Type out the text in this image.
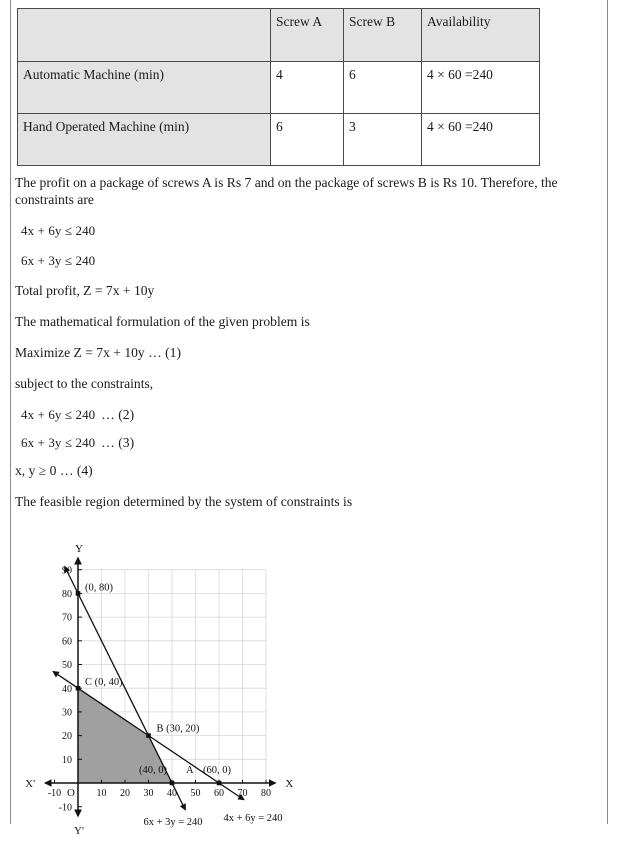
	Screw A	Screw B	Availability
Automatic Machine (min)	4	6	4 × 60 =240
Hand Operated Machine (min)	6	3	4 × 60 =240

The profit on a package of screws A is Rs 7 and on the package of screws B is Rs 10. Therefore, the constraints are

4x + 6y ≤ 240
6x + 3y ≤ 240

Total profit, Z = 7x + 10y

The mathematical formulation of the given problem is

Maximize Z = 7x + 10y … (1)

subject to the constraints,

4x + 6y ≤ 240 … (2)
6x + 3y ≤ 240 … (3)

x, y ≥ 0 … (4)

The feasible region determined by the system of constraints is

-10	10 20 30 40 50 60 70 80
-10
10
20
30
40
50
60
70
80
90
(0, 80)
C (0, 40)
B (30, 20)
(40, 0) A (60, 0)
Y
Y'
X
X'
O
6x + 3y = 240 4x + 6y = 240
